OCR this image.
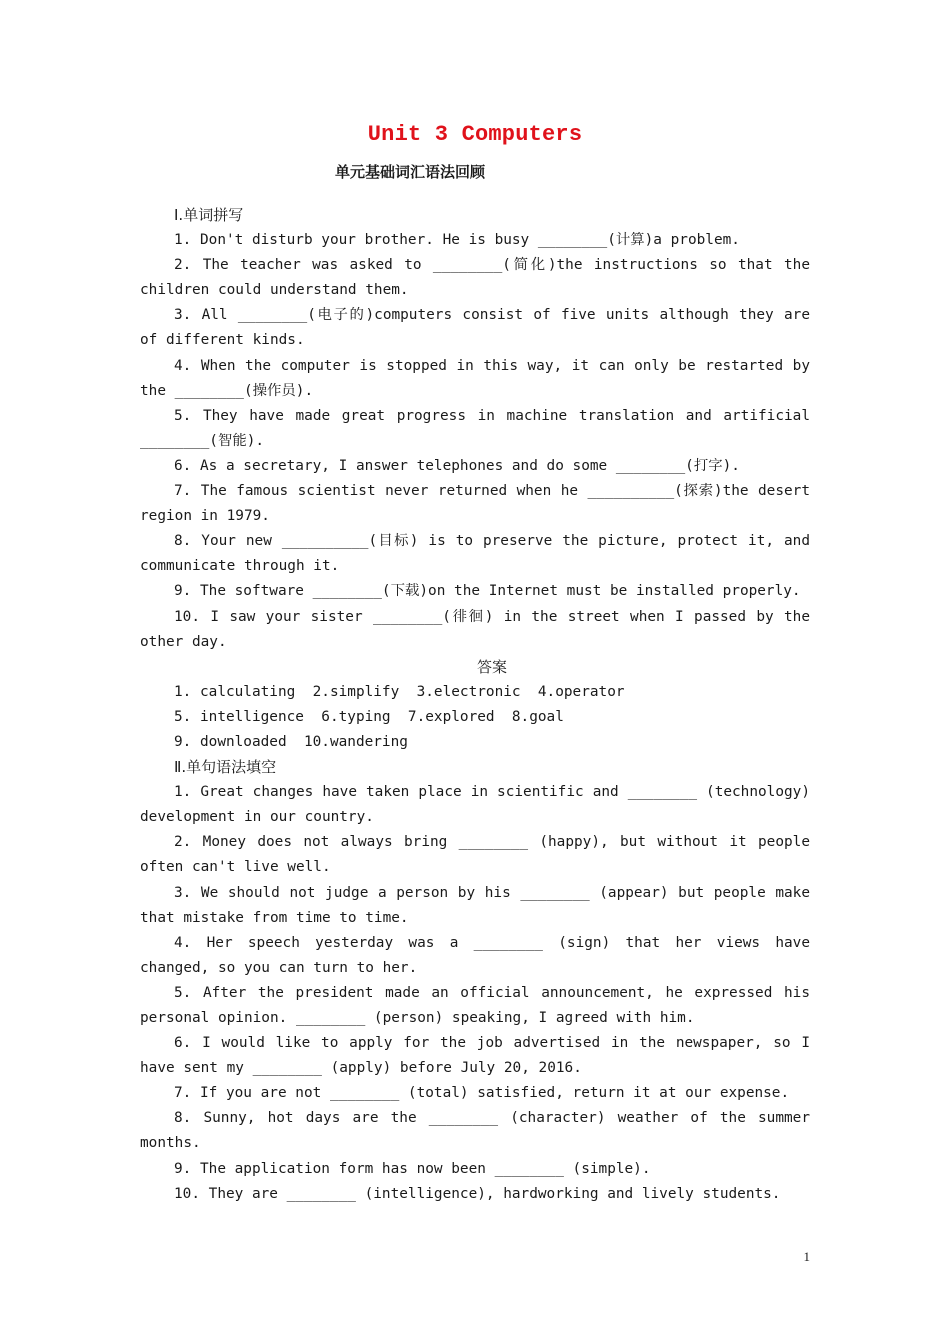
Unit 3 Computers
单元基础词汇语法回顾

Ⅰ.单词拼写

1. Don't disturb your brother. He is busy ________(计算)a problem.

2. The teacher was asked to ________(简化)the instructions so that the children could understand them.

3. All ________(电子的)computers consist of five units although they are of different kinds.

4. When the computer is stopped in this way, it can only be restarted by the ________(操作员).

5. They have made great progress in machine translation and artificial ________(智能).

6. As a secretary, I answer telephones and do some ________(打字).

7. The famous scientist never returned when he __________(探索)the desert region in 1979.

8. Your new __________(目标) is to preserve the picture, protect it, and communicate through it.

9. The software ________(下载)on the Internet must be installed properly.

10. I saw your sister ________(徘徊) in the street when I passed by the other day.

答案

1. calculating  2.simplify  3.electronic  4.operator

5. intelligence  6.typing  7.explored  8.goal

9. downloaded  10.wandering

Ⅱ.单句语法填空

1. Great changes have taken place in scientific and ________ (technology) development in our country.

2. Money does not always bring ________ (happy), but without it people often can't live well.

3. We should not judge a person by his ________ (appear) but people make that mistake from time to time.

4. Her speech yesterday was a ________ (sign) that her views have changed, so you can turn to her.

5. After the president made an official announcement, he expressed his personal opinion. ________ (person) speaking, I agreed with him.

6. I would like to apply for the job advertised in the newspaper, so I have sent my ________ (apply) before July 20, 2016.

7. If you are not ________ (total) satisfied, return it at our expense.

8. Sunny, hot days are the ________ (character) weather of the summer months.

9. The application form has now been ________ (simple).

10. They are ________ (intelligence), hardworking and lively students.

1
